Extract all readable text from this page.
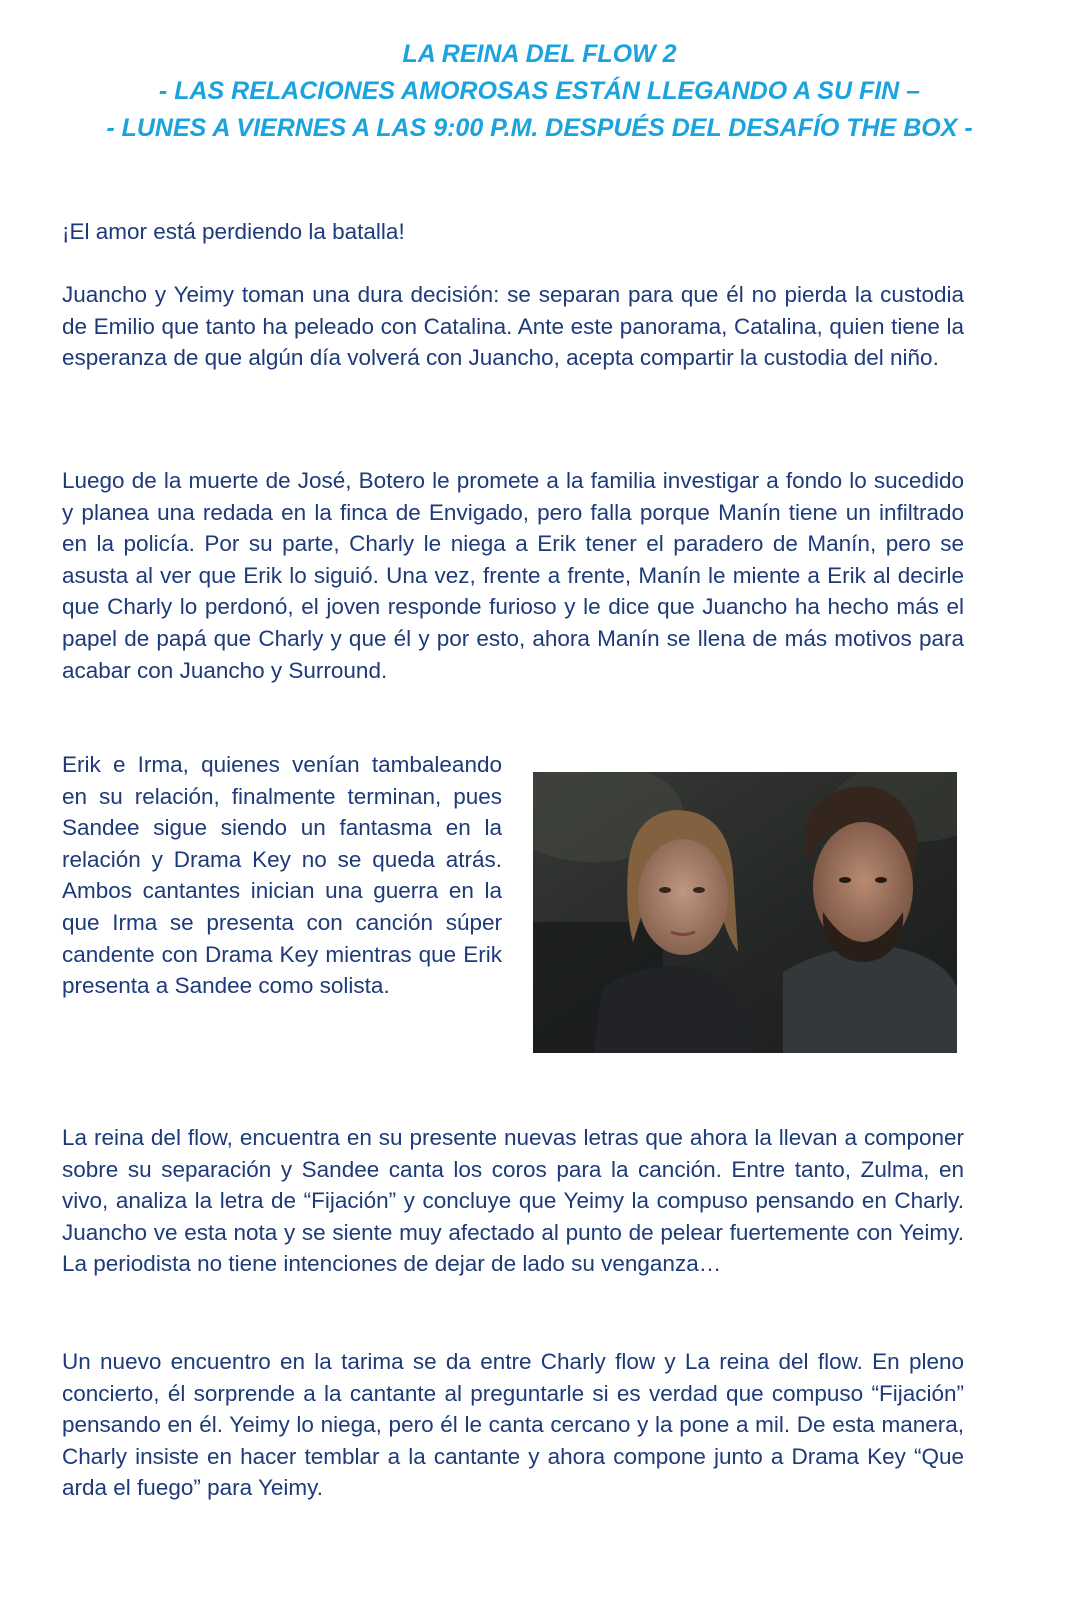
LA REINA DEL FLOW 2
- LAS RELACIONES AMOROSAS ESTÁN LLEGANDO A SU FIN –
- LUNES A VIERNES A LAS 9:00 P.M. DESPUÉS DEL DESAFÍO THE BOX -
¡El amor está perdiendo la batalla!
Juancho y Yeimy toman una dura decisión: se separan para que él no pierda la custodia de Emilio que tanto ha peleado con Catalina. Ante este panorama, Catalina, quien tiene la esperanza de que algún día volverá con Juancho, acepta compartir la custodia del niño.
Luego de la muerte de José, Botero le promete a la familia investigar a fondo lo sucedido y planea una redada en la finca de Envigado, pero falla porque Manín tiene un infiltrado en la policía. Por su parte, Charly le niega a Erik tener el paradero de Manín, pero se asusta al ver que Erik lo siguió. Una vez, frente a frente, Manín le miente a Erik al decirle que Charly lo perdonó, el joven responde furioso y le dice que Juancho ha hecho más el papel de papá que Charly y que él y por esto, ahora Manín se llena de más motivos para acabar con Juancho y Surround.
Erik e Irma, quienes venían tambaleando en su relación, finalmente terminan, pues Sandee sigue siendo un fantasma en la relación y Drama Key no se queda atrás. Ambos cantantes inician una guerra en la que Irma se presenta con canción súper candente con Drama Key mientras que Erik presenta a Sandee como solista.
La reina del flow, encuentra en su presente nuevas letras que ahora la llevan a componer sobre su separación y Sandee canta los coros para la canción. Entre tanto, Zulma, en vivo, analiza la letra de “Fijación” y concluye que Yeimy la compuso pensando en Charly. Juancho ve esta nota y se siente muy afectado al punto de pelear fuertemente con Yeimy. La periodista no tiene intenciones de dejar de lado su venganza…
Un nuevo encuentro en la tarima se da entre Charly flow y La reina del flow. En pleno concierto, él sorprende a la cantante al preguntarle si es verdad que compuso “Fijación” pensando en él. Yeimy lo niega, pero él le canta cercano y la pone a mil. De esta manera, Charly insiste en hacer temblar a la cantante y ahora compone junto a Drama Key “Que arda el fuego” para Yeimy.
